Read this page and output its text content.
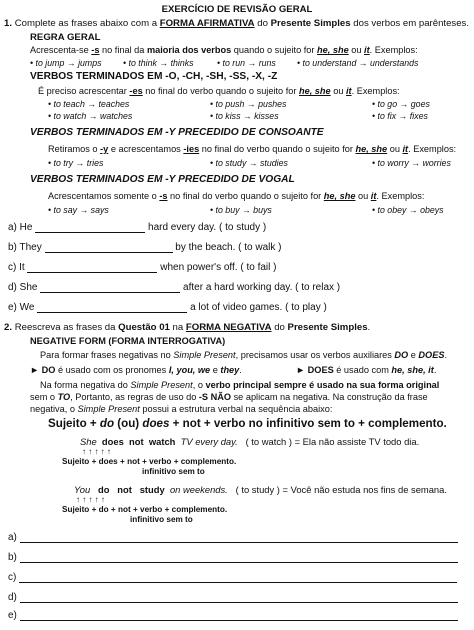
EXERCÍCIO DE REVISÃO GERAL
1. Complete as frases abaixo com a FORMA AFIRMATIVA do Presente Simples dos verbos em parênteses.
REGRA GERAL
Acrescenta-se -s no final da maioria dos verbos quando o sujeito for he, she ou it. Exemplos:
• to jump → jumps • to think → thinks	• to run → runs • to understand → understands
VERBOS TERMINADOS EM -O, -CH, -SH, -SS, -X, -Z
É preciso acrescentar -es no final do verbo quando o sujeito for he, she ou it. Exemplos:
• to teach → teaches	• to push → pushes	• to go → goes
• to watch → watches	• to kiss → kisses	• to fix → fixes
VERBOS TERMINADOS EM -Y PRECEDIDO DE CONSOANTE
Retiramos o -y e acrescentamos -ies no final do verbo quando o sujeito for he, she ou it. Exemplos:
• to try → tries	• to study → studies	• to worry → worries
VERBOS TERMINADOS EM -Y PRECEDIDO DE VOGAL
Acrescentamos somente o -s no final do verbo quando o sujeito for he, she ou it. Exemplos:
• to say → says	• to buy → buys	• to obey → obeys
a) He	hard every day. ( to study )
b) They	by the beach. ( to walk )
c) It	when power's off. ( to fail )
d) She	after a hard working day. ( to relax )
e) We	a lot of video games. ( to play )
2. Reescreva as frases da Questão 01 na FORMA NEGATIVA do Presente Simples.
NEGATIVE FORM (FORMA INTERROGATIVA)
Para formar frases negativas no Simple Present, precisamos usar os verbos auxiliares DO e DOES.
► DO é usado com os pronomes I, you, we e they.	► DOES é usado com he, she, it.
Na forma negativa do Simple Present, o verbo principal sempre é usado na sua forma original
sem o TO, Portanto, as regras de uso do -S NÃO se aplicam na negativa. Na construção da frase
negativa, o Simple Present possui a estrutura verbal na sequência abaixo:
Sujeito + do (ou) does + not + verbo no infinitivo sem to + complemento.
She does not watch TV every day. ( to watch ) = Ela não assiste TV todo dia.
↑ ↑ ↑ ↑ ↑
Sujeito + does + not + verbo + complemento.
infinitivo sem to
You do not study on weekends. ( to study ) = Você não estuda nos fins de semana.
↑ ↑ ↑ ↑ ↑
Sujeito + do + not + verbo + complemento.
infinitivo sem to
a)
b)
c)
d)
e)
